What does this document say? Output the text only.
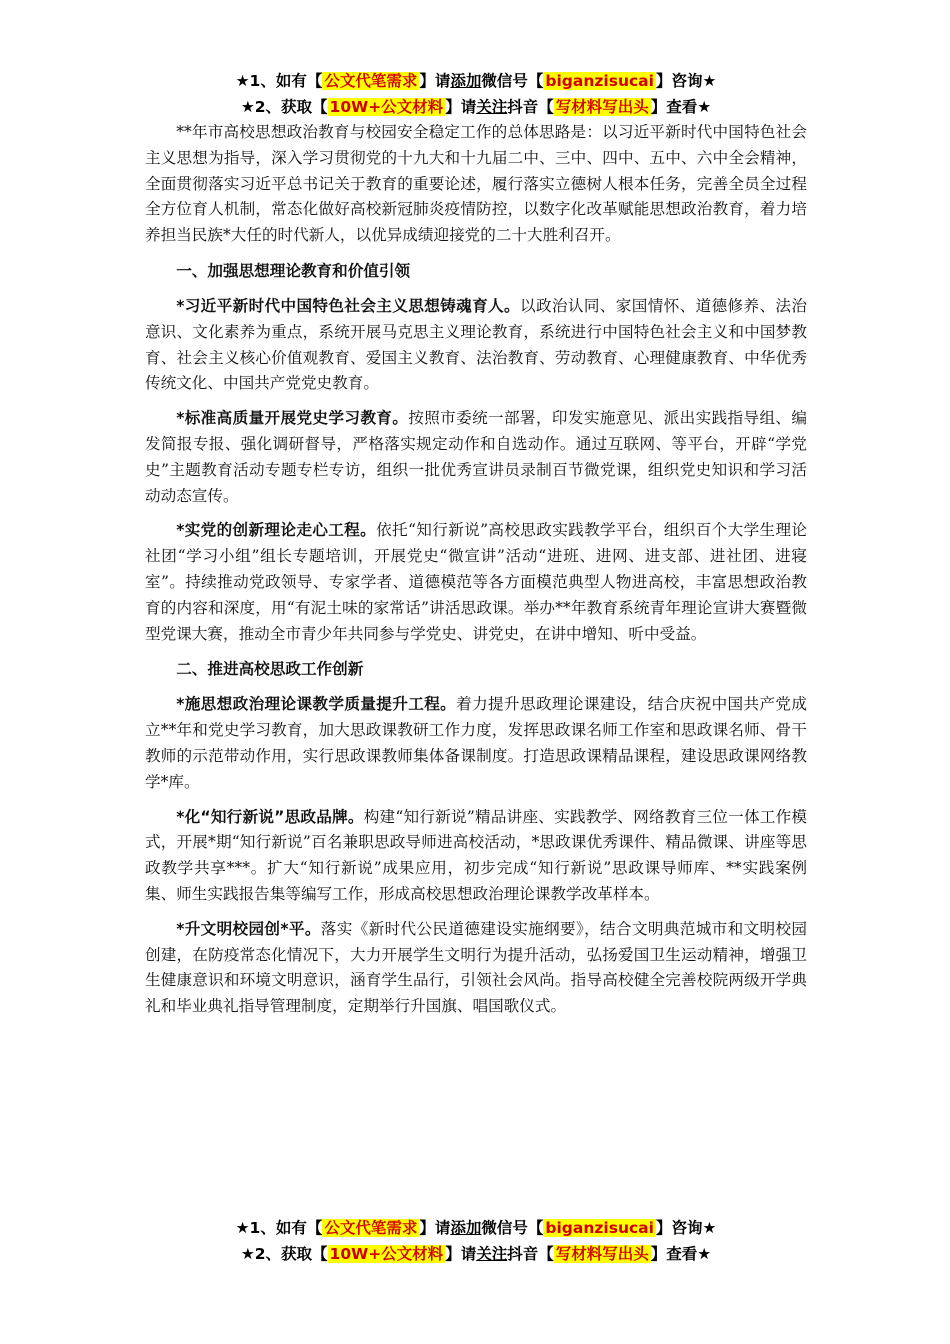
★1、如有【 公文代笔需求 】请添加微信号【 biganzisucai 】咨询★
★2、获取【 10W+公文材料 】请关注抖音【 写材料写出头 】查看★

**年市高校思想政治教育与校园安全稳定工作的总体思路是：以习近平新时代中国特色社会主义思想为指导，深入学习贯彻党的十九大和十九届二中、三中、四中、五中、六中全会精神，全面贯彻落实习近平总书记关于教育的重要论述，履行落实立德树人根本任务，完善全员全过程全方位育人机制，常态化做好高校新冠肺炎疫情防控，以数字化改革赋能思想政治教育，着力培养担当民族*大任的时代新人，以优异成绩迎接党的二十大胜利召开。

一、加强思想理论教育和价值引领

*习近平新时代中国特色社会主义思想铸魂育人。以政治认同、家国情怀、道德修养、法治意识、文化素养为重点，系统开展马克思主义理论教育，系统进行中国特色社会主义和中国梦教育、社会主义核心价值观教育、爱国主义教育、法治教育、劳动教育、心理健康教育、中华优秀传统文化、中国共产党党史教育。

*标准高质量开展党史学习教育。按照市委统一部署，印发实施意见、派出实践指导组、编发简报专报、强化调研督导，严格落实规定动作和自选动作。通过互联网、等平台，开辟“学党史”主题教育活动专题专栏专访，组织一批优秀宣讲员录制百节微党课，组织党史知识和学习活动动态宣传。

*实党的创新理论走心工程。依托“知行新说”高校思政实践教学平台，组织百个大学生理论社团“学习小组”组长专题培训，开展党史“微宣讲”活动“进班、进网、进支部、进社团、进寝室”。持续推动党政领导、专家学者、道德模范等各方面模范典型人物进高校，丰富思想政治教育的内容和深度，用“有泥土味的家常话”讲活思政课。举办**年教育系统青年理论宣讲大赛暨微型党课大赛，推动全市青少年共同参与学党史、讲党史，在讲中增知、听中受益。

二、推进高校思政工作创新

*施思想政治理论课教学质量提升工程。着力提升思政理论课建设，结合庆祝中国共产党成立**年和党史学习教育，加大思政课教研工作力度，发挥思政课名师工作室和思政课名师、骨干教师的示范带动作用，实行思政课教师集体备课制度。打造思政课精品课程，建设思政课网络教学*库。

*化“知行新说”思政品牌。构建“知行新说”精品讲座、实践教学、网络教育三位一体工作模式，开展*期“知行新说”百名兼职思政导师进高校活动，*思政课优秀课件、精品微课、讲座等思政教学共享***。扩大“知行新说”成果应用，初步完成“知行新说”思政课导师库、**实践案例集、师生实践报告集等编写工作，形成高校思想政治理论课教学改革样本。

*升文明校园创*平。落实《新时代公民道德建设实施纲要》，结合文明典范城市和文明校园创建，在防疫常态化情况下，大力开展学生文明行为提升活动，弘扬爱国卫生运动精神，增强卫生健康意识和环境文明意识，涵育学生品行，引领社会风尚。指导高校健全完善校院两级开学典礼和毕业典礼指导管理制度，定期举行升国旗、唱国歌仪式。

★1、如有【 公文代笔需求 】请添加微信号【 biganzisucai 】咨询★
★2、获取【 10W+公文材料 】请关注抖音【 写材料写出头 】查看★
